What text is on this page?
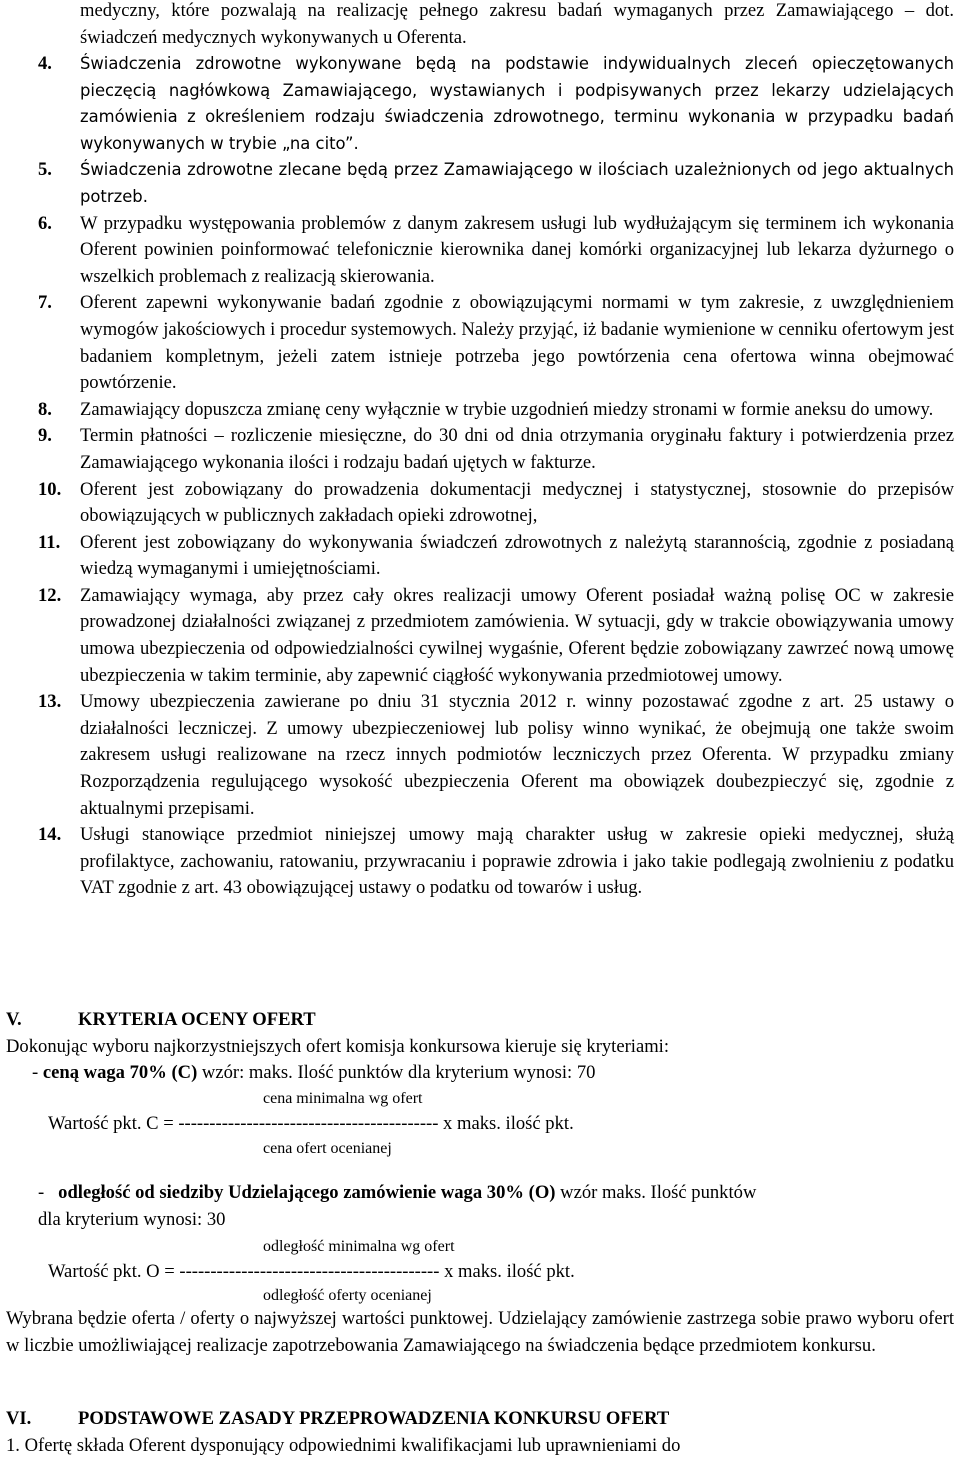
medyczny, które pozwalają na realizację pełnego zakresu badań wymaganych przez Zamawiającego – dot. świadczeń medycznych wykonywanych u Oferenta.

4. Świadczenia zdrowotne wykonywane będą na podstawie indywidualnych zleceń opieczętowanych pieczęcią nagłówkową Zamawiającego, wystawianych i podpisywanych przez lekarzy udzielających zamówienia z określeniem rodzaju świadczenia zdrowotnego, terminu wykonania w przypadku badań wykonywanych w trybie „na cito”.

5. Świadczenia zdrowotne zlecane będą przez Zamawiającego w ilościach uzależnionych od jego aktualnych potrzeb.

6. W przypadku występowania problemów z danym zakresem usługi lub wydłużającym się terminem ich wykonania Oferent powinien poinformować telefonicznie kierownika danej komórki organizacyjnej lub lekarza dyżurnego o wszelkich problemach z realizacją skierowania.

7. Oferent zapewni wykonywanie badań zgodnie z obowiązującymi normami w tym zakresie, z uwzględnieniem wymogów jakościowych i procedur systemowych. Należy przyjąć, iż badanie wymienione w cenniku ofertowym jest badaniem kompletnym, jeżeli zatem istnieje potrzeba jego powtórzenia cena ofertowa winna obejmować powtórzenie.

8. Zamawiający dopuszcza zmianę ceny wyłącznie w trybie uzgodnień miedzy stronami w formie aneksu do umowy.

9. Termin płatności – rozliczenie miesięczne, do 30 dni od dnia otrzymania oryginału faktury i potwierdzenia przez Zamawiającego wykonania ilości i rodzaju badań ujętych w fakturze.

10. Oferent jest zobowiązany do prowadzenia dokumentacji medycznej i statystycznej, stosownie do przepisów obowiązujących w publicznych zakładach opieki zdrowotnej,

11. Oferent jest zobowiązany do wykonywania świadczeń zdrowotnych z należytą starannością, zgodnie z posiadaną wiedzą wymaganymi i umiejętnościami.

12. Zamawiający wymaga, aby przez cały okres realizacji umowy Oferent posiadał ważną polisę OC w zakresie prowadzonej działalności związanej z przedmiotem zamówienia. W sytuacji, gdy w trakcie obowiązywania umowy umowa ubezpieczenia od odpowiedzialności cywilnej wygaśnie, Oferent będzie zobowiązany zawrzeć nową umowę ubezpieczenia w takim terminie, aby zapewnić ciągłość wykonywania przedmiotowej umowy.

13. Umowy ubezpieczenia zawierane po dniu 31 stycznia 2012 r. winny pozostawać zgodne z art. 25 ustawy o działalności leczniczej. Z umowy ubezpieczeniowej lub polisy winno wynikać, że obejmują one także swoim zakresem usługi realizowane na rzecz innych podmiotów leczniczych przez Oferenta. W przypadku zmiany Rozporządzenia regulującego wysokość ubezpieczenia Oferent ma obowiązek doubezpieczyć się, zgodnie z aktualnymi przepisami.

14. Usługi stanowiące przedmiot niniejszej umowy mają charakter usług w zakresie opieki medycznej, służą profilaktyce, zachowaniu, ratowaniu, przywracaniu i poprawie zdrowia i jako takie podlegają zwolnieniu z podatku VAT zgodnie z art. 43 obowiązującej ustawy o podatku od towarów i usług.

V.	KRYTERIA OCENY OFERT

Dokonując wyboru najkorzystniejszych ofert komisja konkursowa kieruje się kryteriami:

- ceną waga 70% (C) wzór: maks. Ilość punktów dla kryterium wynosi: 70

cena minimalna wg ofert

Wartość pkt. C = ------------------------------------------ x maks. ilość pkt.

cena ofert ocenianej

- odległość od siedziby Udzielającego zamówienie waga 30% (O) wzór maks. Ilość punktów

dla kryterium wynosi: 30

odległość minimalna wg ofert

Wartość pkt. O = ------------------------------------------ x maks. ilość pkt.

odległość oferty ocenianej

Wybrana będzie oferta / oferty o najwyższej wartości punktowej. Udzielający zamówienie zastrzega sobie prawo wyboru ofert w liczbie umożliwiającej realizacje zapotrzebowania Zamawiającego na świadczenia będące przedmiotem konkursu.

VI.	PODSTAWOWE ZASADY PRZEPROWADZENIA KONKURSU OFERT

1. Ofertę składa Oferent dysponujący odpowiednimi kwalifikacjami lub uprawnieniami do
